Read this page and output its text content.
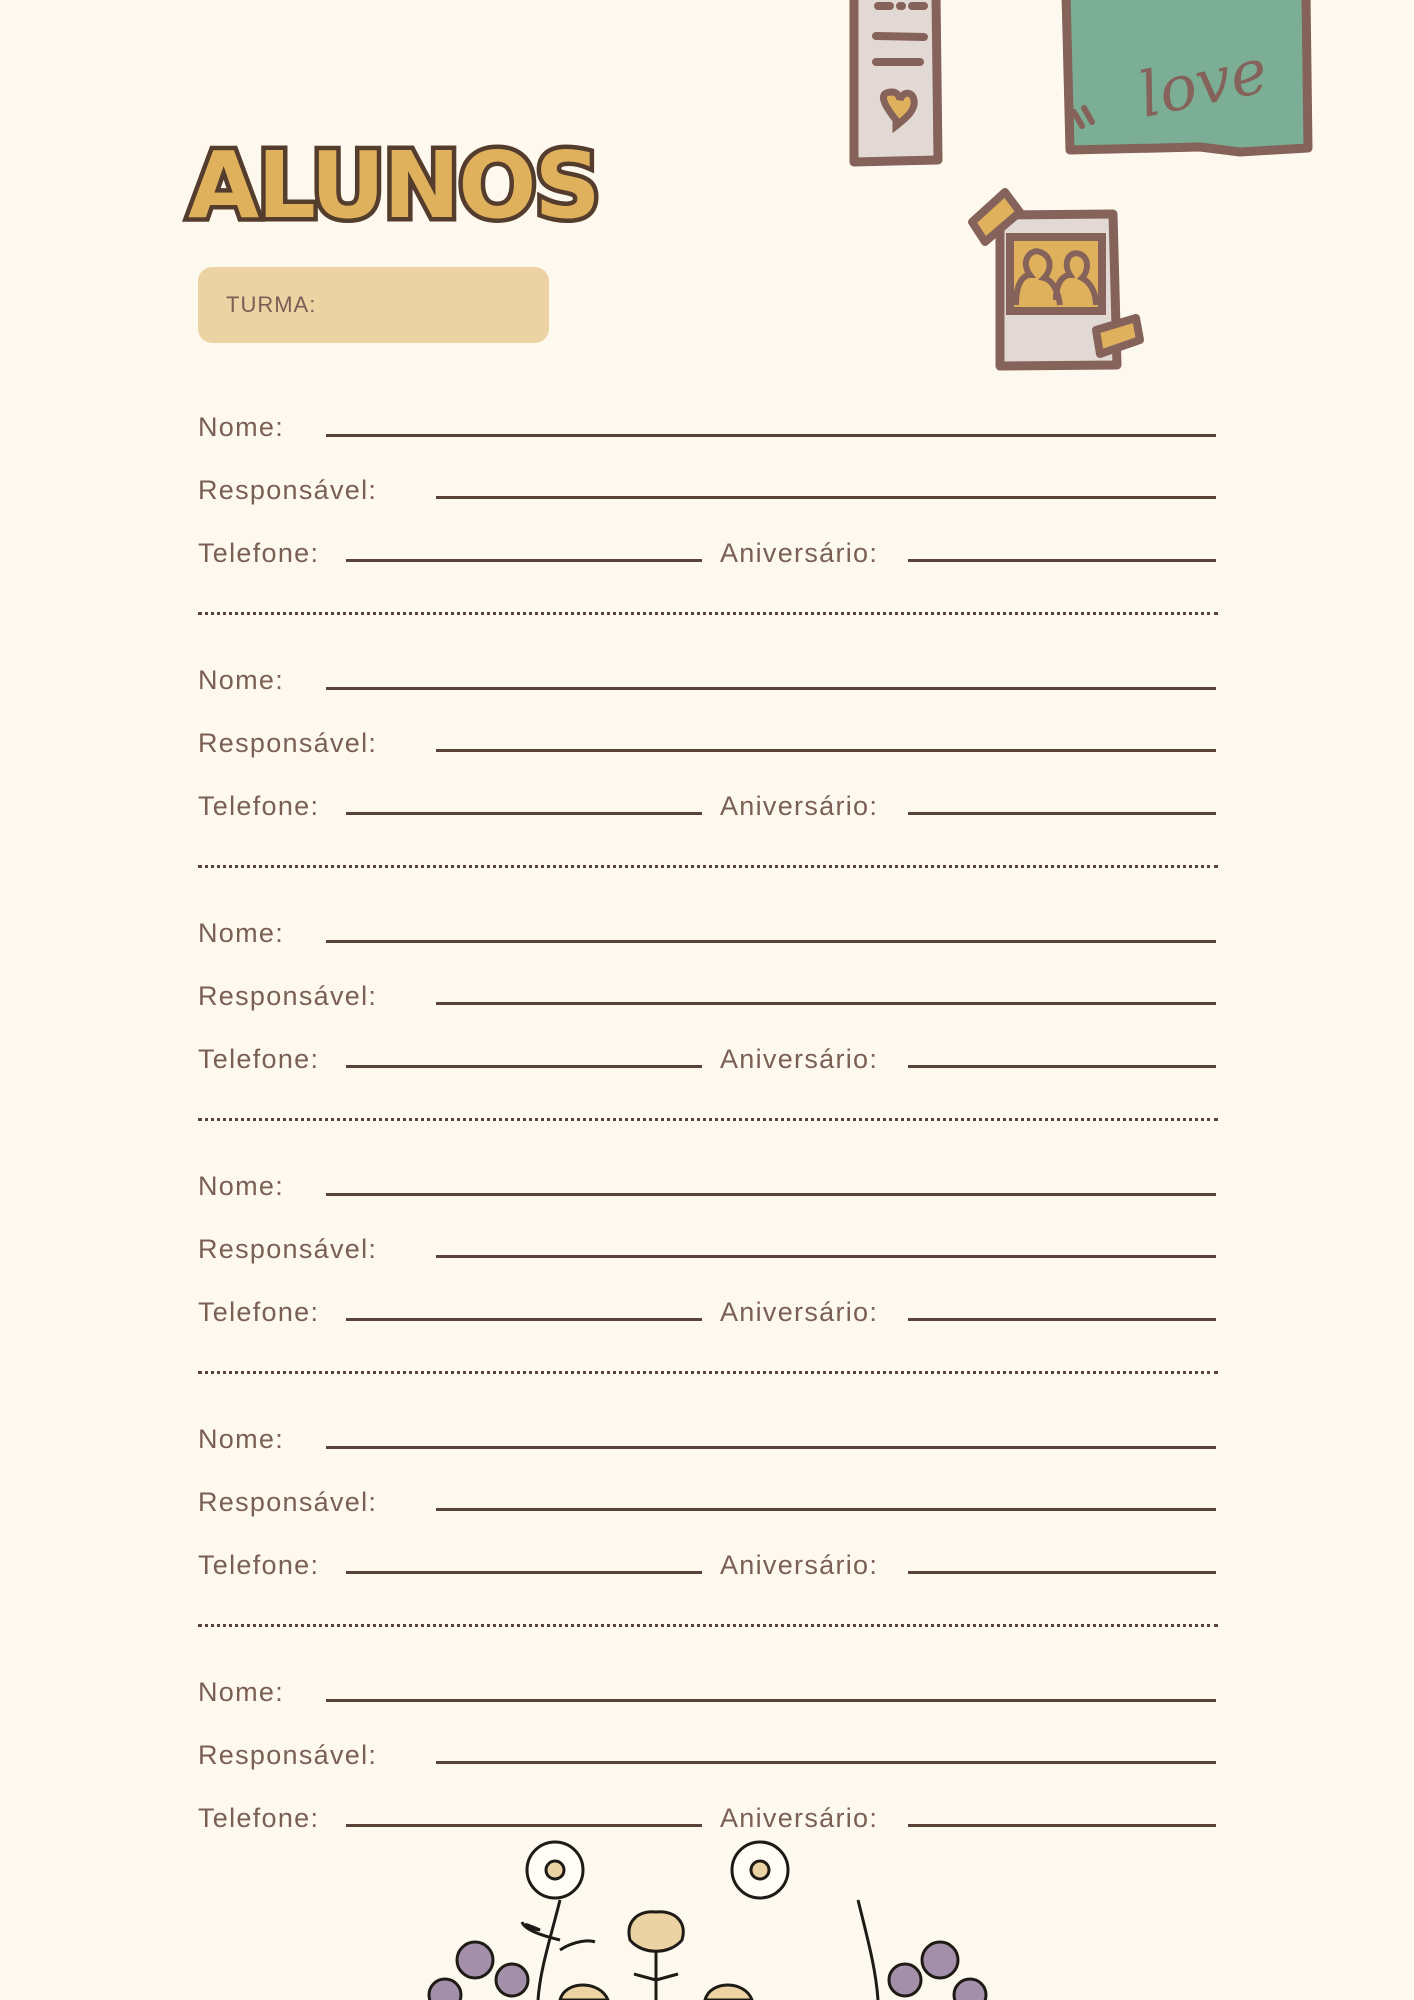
ALUNOS
TURMA:
love
Nome:
Responsável:
Telefone:	Aniversário:
Nome:
Responsável:
Telefone:	Aniversário:
Nome:
Responsável:
Telefone:	Aniversário:
Nome:
Responsável:
Telefone:	Aniversário:
Nome:
Responsável:
Telefone:	Aniversário:
Nome:
Responsável:
Telefone:	Aniversário:
